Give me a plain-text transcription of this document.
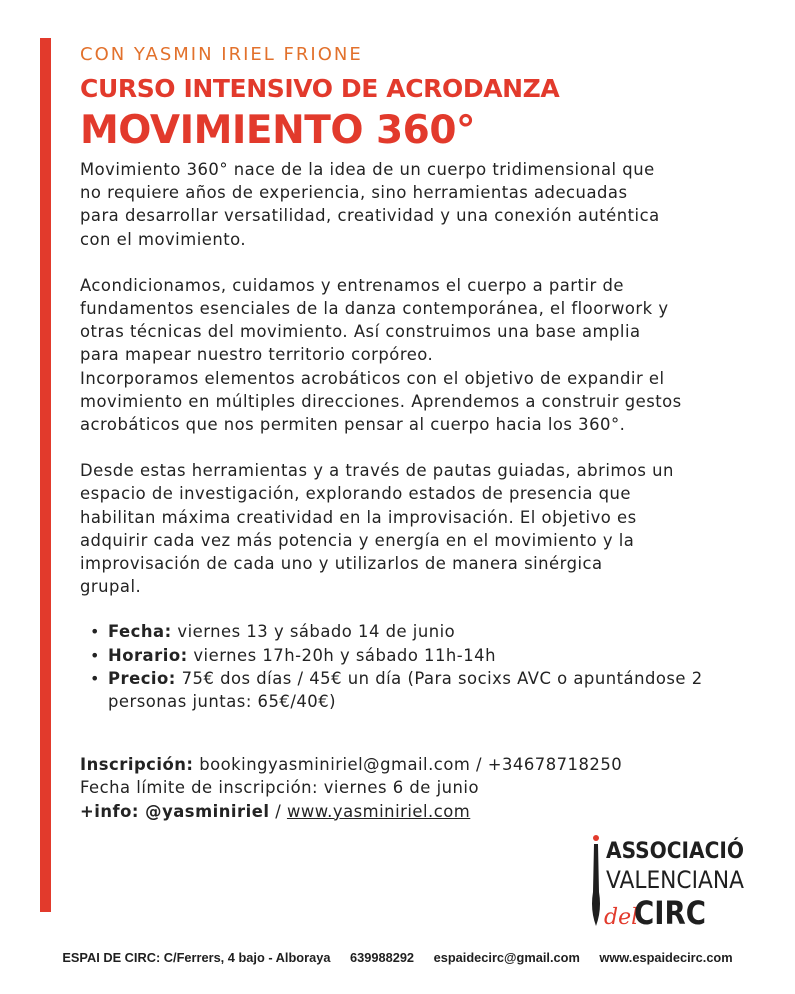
CON YASMIN IRIEL FRIONE

CURSO INTENSIVO DE ACRODANZA
MOVIMIENTO 360°

Movimiento 360° nace de la idea de un cuerpo tridimensional que
no requiere años de experiencia, sino herramientas adecuadas
para desarrollar versatilidad, creatividad y una conexión auténtica
con el movimiento.

Acondicionamos, cuidamos y entrenamos el cuerpo a partir de
fundamentos esenciales de la danza contemporánea, el floorwork y
otras técnicas del movimiento. Así construimos una base amplia
para mapear nuestro territorio corpóreo.

Incorporamos elementos acrobáticos con el objetivo de expandir el
movimiento en múltiples direcciones. Aprendemos a construir gestos
acrobáticos que nos permiten pensar al cuerpo hacia los 360°.

Desde estas herramientas y a través de pautas guiadas, abrimos un
espacio de investigación, explorando estados de presencia que
habilitan máxima creatividad en la improvisación. El objetivo es
adquirir cada vez más potencia y energía en el movimiento y la
improvisación de cada uno y utilizarlos de manera sinérgica
grupal.

• Fecha: viernes 13 y sábado 14 de junio
• Horario: viernes 17h-20h y sábado 11h-14h
• Precio: 75€ dos días / 45€ un día (Para socixs AVC o apuntándose 2 personas juntas: 65€/40€)
Inscripción: bookingyasminiriel@gmail.com / +34678718250
Fecha límite de inscripción: viernes 6 de junio
+info: @yasminiriel / www.yasminiriel.com
ASSOCIACIÓ
VALENCIANA
del
CIRC
ESPAI DE CIRC: C/Ferrers, 4 bajo - Alboraya 639988292 espaidecirc@gmail.com www.espaidecirc.com
